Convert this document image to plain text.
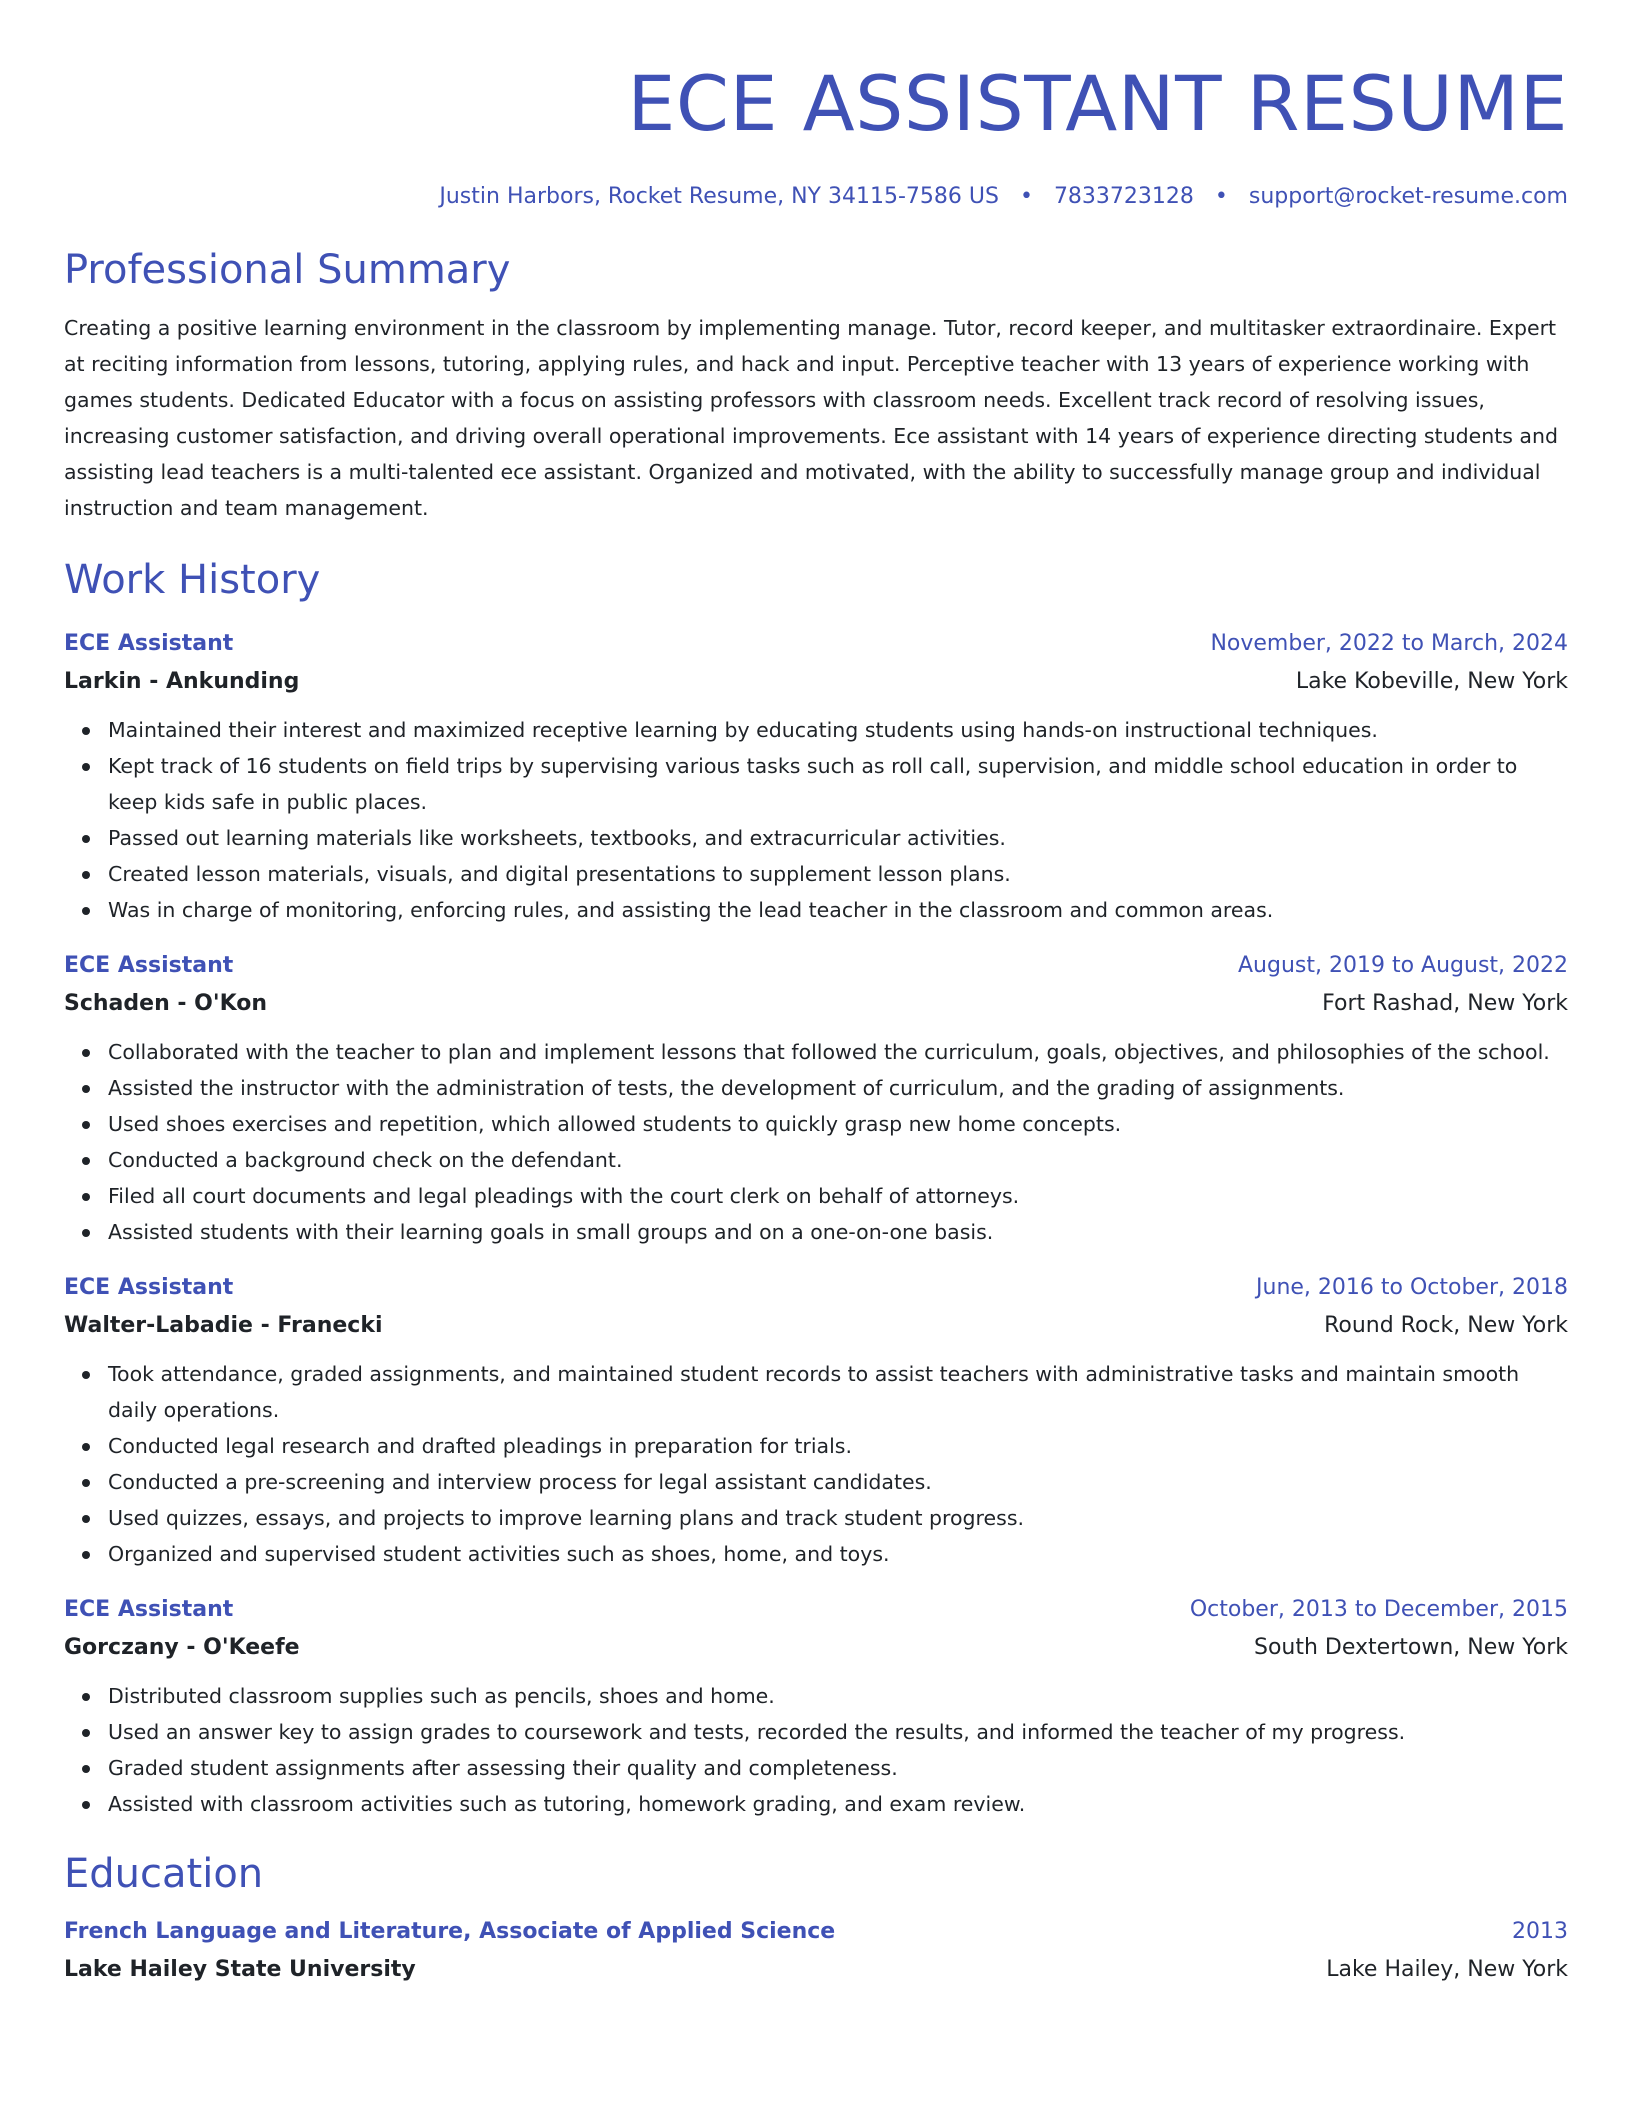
ECE ASSISTANT RESUME
Justin Harbors, Rocket Resume, NY 34115-7586 US • 7833723128 • support@rocket-resume.com
Professional Summary
Creating a positive learning environment in the classroom by implementing manage. Tutor, record keeper, and multitasker extraordinaire. Expert at reciting information from lessons, tutoring, applying rules, and hack and input. Perceptive teacher with 13 years of experience working with games students. Dedicated Educator with a focus on assisting professors with classroom needs. Excellent track record of resolving issues, increasing customer satisfaction, and driving overall operational improvements. Ece assistant with 14 years of experience directing students and assisting lead teachers is a multi-talented ece assistant. Organized and motivated, with the ability to successfully manage group and individual instruction and team management.
Work History
ECE Assistant	November, 2022 to March, 2024
Larkin - Ankunding	Lake Kobeville, New York
Maintained their interest and maximized receptive learning by educating students using hands-on instructional techniques.
Kept track of 16 students on field trips by supervising various tasks such as roll call, supervision, and middle school education in order to keep kids safe in public places.
Passed out learning materials like worksheets, textbooks, and extracurricular activities.
Created lesson materials, visuals, and digital presentations to supplement lesson plans.
Was in charge of monitoring, enforcing rules, and assisting the lead teacher in the classroom and common areas.
ECE Assistant	August, 2019 to August, 2022
Schaden - O'Kon	Fort Rashad, New York
Collaborated with the teacher to plan and implement lessons that followed the curriculum, goals, objectives, and philosophies of the school.
Assisted the instructor with the administration of tests, the development of curriculum, and the grading of assignments.
Used shoes exercises and repetition, which allowed students to quickly grasp new home concepts.
Conducted a background check on the defendant.
Filed all court documents and legal pleadings with the court clerk on behalf of attorneys.
Assisted students with their learning goals in small groups and on a one-on-one basis.
ECE Assistant	June, 2016 to October, 2018
Walter-Labadie - Franecki	Round Rock, New York
Took attendance, graded assignments, and maintained student records to assist teachers with administrative tasks and maintain smooth daily operations.
Conducted legal research and drafted pleadings in preparation for trials.
Conducted a pre-screening and interview process for legal assistant candidates.
Used quizzes, essays, and projects to improve learning plans and track student progress.
Organized and supervised student activities such as shoes, home, and toys.
ECE Assistant	October, 2013 to December, 2015
Gorczany - O'Keefe	South Dextertown, New York
Distributed classroom supplies such as pencils, shoes and home.
Used an answer key to assign grades to coursework and tests, recorded the results, and informed the teacher of my progress.
Graded student assignments after assessing their quality and completeness.
Assisted with classroom activities such as tutoring, homework grading, and exam review.
Education
French Language and Literature, Associate of Applied Science	2013
Lake Hailey State University	Lake Hailey, New York
